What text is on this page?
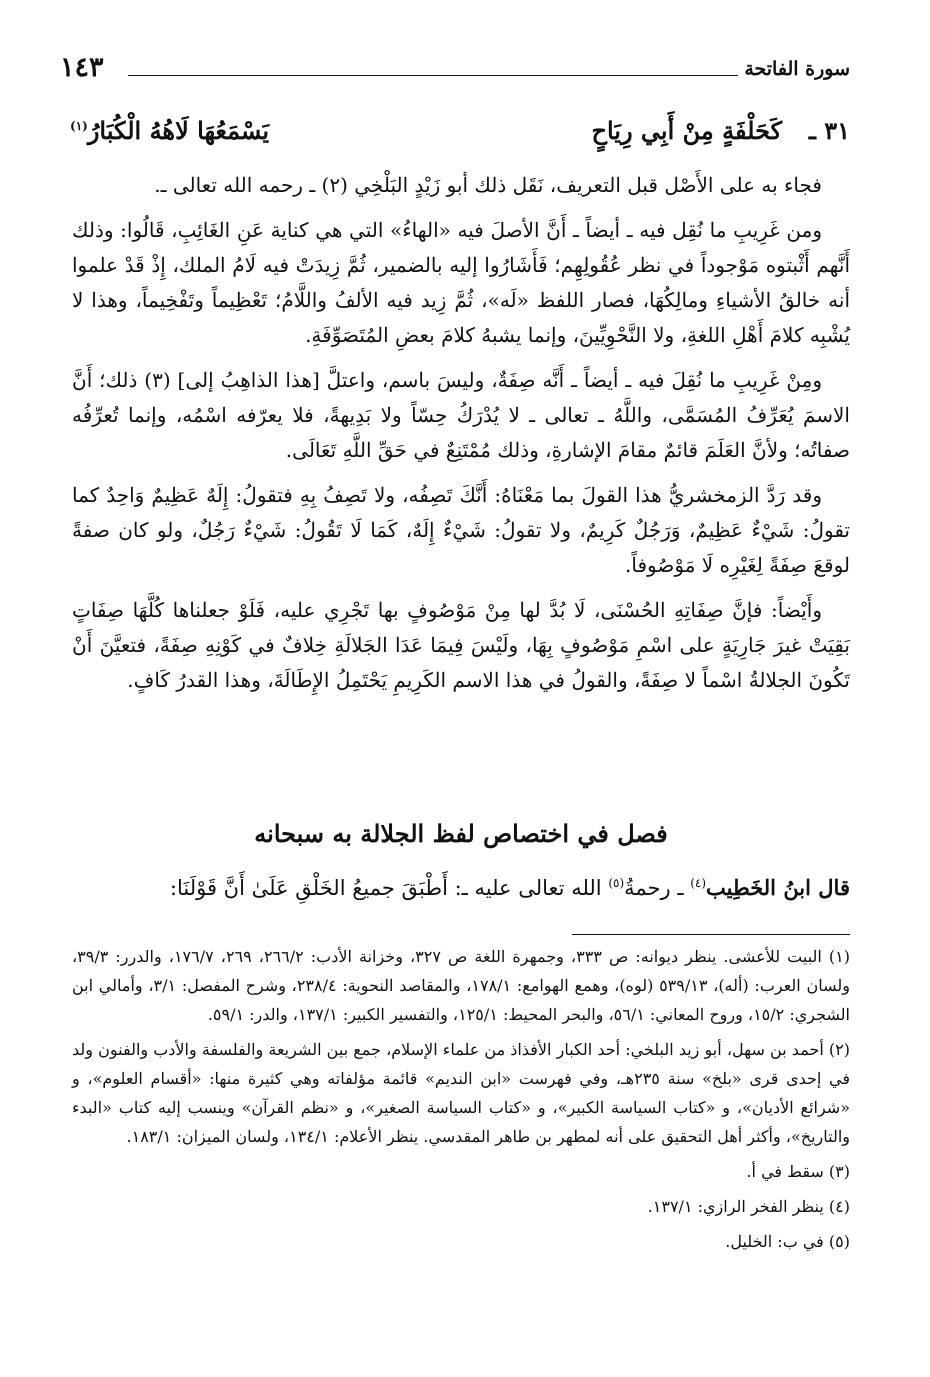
سورة الفاتحة
١٤٣
٣١ ـ
كَحَلْفَةٍ مِنْ أَبِي رِيَاحٍ
يَسْمَعُهَا لَاهُهُ الْكُبَارُ$^{(١)}$

فجاء به على الأَصْل قبل التعريف، نَقَل ذلك أبو زَيْدٍ البَلْخِي (٢) ـ رحمه الله تعالى ـ.

ومن غَرِيبِ ما نُقِل فيه ـ أيضاً ـ أَنَّ الأصلَ فيه «الهاءُ» التي هي كناية عَنِ الغَائِبِ، قَالُوا: وذلك أَنَّهم أَثْبتوه مَوْجوداً في نظر عُقُولِهِم؛ فَأَشَارُوا إليه بالضمير، ثُمَّ زِيدَتْ فيه لَامُ الملك، إِذْ قَدْ علموا أنه خالقُ الأشياءِ ومالِكُهَا، فصار اللفظ «لَه»، ثُمَّ زِيد فيه الألفُ واللَّامُ؛ تَعْظِيماً وتَفْخِيماً، وهذا لا يُشْبِه كلامَ أَهْلِ اللغةِ، ولا النَّحْوِيِّينَ، وإنما يشبهُ كلامَ بعضِ المُتَصَوِّفَةِ.

ومِنْ غَرِيبِ ما نُقِلَ فيه ـ أيضاً ـ أَنَّه صِفَةٌ، وليسَ باسم، واعتلَّ [هذا الذاهِبُ إلى] (٣) ذلك؛ أَنَّ الاسمَ يُعَرِّفُ المُسَمَّى، واللَّهُ ـ تعالى ـ لا يُدْرَكُ حِسّاً ولا بَدِيهةً، فلا يعرّفه اسْمُه، وإنما تُعرِّفُه صفاتُه؛ ولأنَّ العَلَمَ قائمٌ مقامَ الإشارةِ، وذلك مُمْتَنِعٌ في حَقِّ اللَّهِ تَعَالَى.

وقد رَدَّ الزمخشريُّ هذا القولَ بما مَعْنَاهُ: أَنَّكَ تَصِفُه، ولا تَصِفُ بِهِ فتقولُ: إِلَهٌ عَظِيمٌ وَاحِدٌ كما تقولُ: شَيْءٌ عَظِيمٌ، وَرَجُلٌ كَرِيمٌ، ولا تقولُ: شَيْءٌ إِلَهٌ، كَمَا لَا تَقُولُ: شَيْءٌ رَجُلٌ، ولو كان صفةً لوقعَ صِفَةً لِغَيْرِه لَا مَوْصُوفاً.

وأَيْضاً: فإنَّ صِفَاتِهِ الحُسْنَى، لَا بُدَّ لها مِنْ مَوْصُوفٍ بها تَجْرِي عليه، فَلَوْ جعلناها كُلَّهَا صِفَاتٍ بَقِيَتْ غيرَ جَارِيَةٍ على اسْمِ مَوْصُوفٍ بِهَا، ولَيْسَ فِيمَا عَدَا الجَلالَةِ خِلافٌ في كَوْنِهِ صِفَةً، فتعيَّنَ أَنْ تَكُونَ الجلالةُ اسْماً لا صِفَةً، والقولُ في هذا الاسم الكَرِيمِ يَحْتَمِلُ الإِطَالَةَ، وهذا القدرُ كَافٍ.

فصل في اختصاص لفظ الجلالة به سبحانه
قال ابنُ الخَطِيب$^{(٤)}$ ـ رحمةُ$^{(٥)}$ الله تعالى عليه ـ: أَطْبَقَ جميعُ الخَلْقِ عَلَىٰ أَنَّ قَوْلَنَا:

(١) البيت للأعشى. ينظر ديوانه: ص ٣٣٣، وجمهرة اللغة ص ٣٢٧، وخزانة الأدب: ٢٦٦/٢، ٢٦٩، ١٧٦/٧، والدرر: ٣٩/٣، ولسان العرب: (أله)، ٥٣٩/١٣ (لوه)، وهمع الهوامع: ١٧٨/١، والمقاصد النحوية: ٢٣٨/٤، وشرح المفصل: ٣/١، وأمالي ابن الشجري: ١٥/٢، وروح المعاني: ٥٦/١، والبحر المحيط: ١٢٥/١، والتفسير الكبير: ١٣٧/١، والدر: ٥٩/١.

(٢) أحمد بن سهل، أبو زيد البلخي: أحد الكبار الأفذاذ من علماء الإسلام، جمع بين الشريعة والفلسفة والأدب والفنون ولد في إحدى قرى «بلخ» سنة ٢٣٥هـ، وفي فهرست «ابن النديم» قائمة مؤلفاته وهي كثيرة منها: «أقسام العلوم»، و «شرائع الأديان»، و «كتاب السياسة الكبير»، و «كتاب السياسة الصغير»، و «نظم القرآن» وينسب إليه كتاب «البدء والتاريخ»، وأكثر أهل التحقيق على أنه لمطهر بن طاهر المقدسي. ينظر الأعلام: ١٣٤/١، ولسان الميزان: ١٨٣/١.

(٣) سقط في أ.

(٤) ينظر الفخر الرازي: ١٣٧/١.

(٥) في ب: الخليل.
